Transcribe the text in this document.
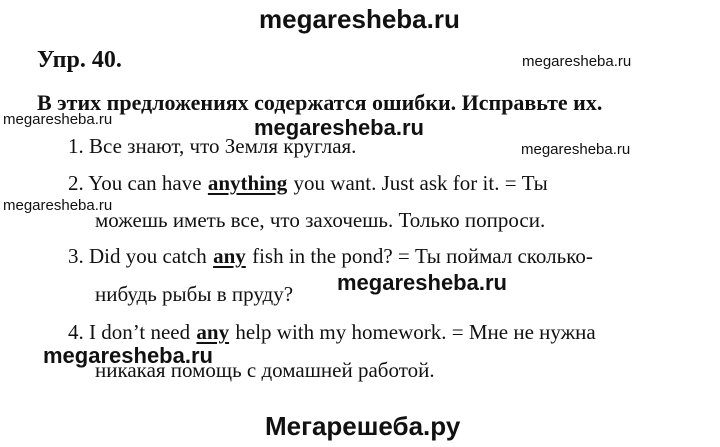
megaresheba.ru
Упр. 40.	megaresheba.ru
В этих предложениях содержатся ошибки. Исправьте их.
megaresheba.ru	megaresheba.ru
1. Все знают, что Земля круглая.	megaresheba.ru
2. You can have anything you want. Just ask for it. = Ты
megaresheba.ru
можешь иметь все, что захочешь. Только попроси.
3. Did you catch any fish in the pond? = Ты поймал сколько-
megaresheba.ru
нибудь рыбы в пруду?
4. I don’t need any help with my homework. = Мне не нужна
megaresheba.ru
никакая помощь с домашней работой.
Мегарешеба.ру
